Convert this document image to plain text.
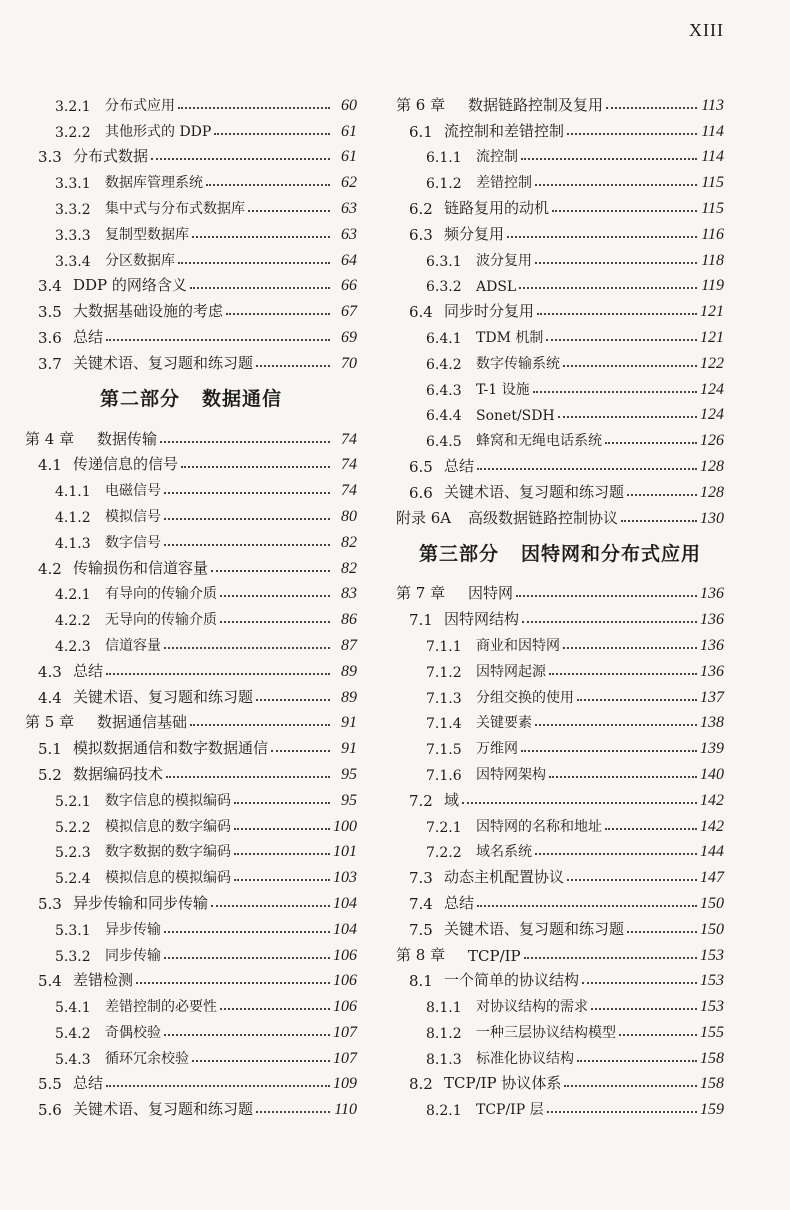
XIII
3.2.1	分布式应用	60
3.2.2	其他形式的 DDP	61
3.3 分布式数据	61
3.3.1	数据库管理系统	62
3.3.2	集中式与分布式数据库	63
3.3.3	复制型数据库	63
3.3.4	分区数据库	64
3.4 DDP 的网络含义	66
3.5 大数据基础设施的考虑	67
3.6 总结	69
3.7 关键术语、复习题和练习题	70
第二部分 数据通信
第 4 章	数据传输	74
4.1 传递信息的信号	74
4.1.1	电磁信号	74
4.1.2	模拟信号	80
4.1.3	数字信号	82
4.2 传输损伤和信道容量	82
4.2.1	有导向的传输介质	83
4.2.2	无导向的传输介质	86
4.2.3	信道容量	87
4.3 总结	89
4.4 关键术语、复习题和练习题	89
第 5 章	数据通信基础	91
5.1 模拟数据通信和数字数据通信	91
5.2 数据编码技术	95
5.2.1	数字信息的模拟编码	95
5.2.2	模拟信息的数字编码	100
5.2.3	数字数据的数字编码	101
5.2.4	模拟信息的模拟编码	103
5.3 异步传输和同步传输	104
5.3.1	异步传输	104
5.3.2	同步传输	106
5.4 差错检测	106
5.4.1	差错控制的必要性	106
5.4.2	奇偶校验	107
5.4.3	循环冗余校验	107
5.5 总结	109
5.6 关键术语、复习题和练习题	110
第 6 章	数据链路控制及复用	113
6.1 流控制和差错控制	114
6.1.1	流控制	114
6.1.2	差错控制	115
6.2 链路复用的动机	115
6.3 频分复用	116
6.3.1	波分复用	118
6.3.2	ADSL	119
6.4 同步时分复用	121
6.4.1	TDM 机制	121
6.4.2	数字传输系统	122
6.4.3	T-1 设施	124
6.4.4	Sonet/SDH	124
6.4.5	蜂窝和无绳电话系统	126
6.5 总结	128
6.6 关键术语、复习题和练习题	128
附录 6A	高级数据链路控制协议	130
第三部分 因特网和分布式应用
第 7 章	因特网	136
7.1 因特网结构	136
7.1.1	商业和因特网	136
7.1.2	因特网起源	136
7.1.3	分组交换的使用	137
7.1.4	关键要素	138
7.1.5	万维网	139
7.1.6	因特网架构	140
7.2 域	142
7.2.1	因特网的名称和地址	142
7.2.2	域名系统	144
7.3 动态主机配置协议	147
7.4 总结	150
7.5 关键术语、复习题和练习题	150
第 8 章	TCP/IP	153
8.1 一个简单的协议结构	153
8.1.1	对协议结构的需求	153
8.1.2	一种三层协议结构模型	155
8.1.3	标准化协议结构	158
8.2 TCP/IP 协议体系	158
8.2.1	TCP/IP 层	159
